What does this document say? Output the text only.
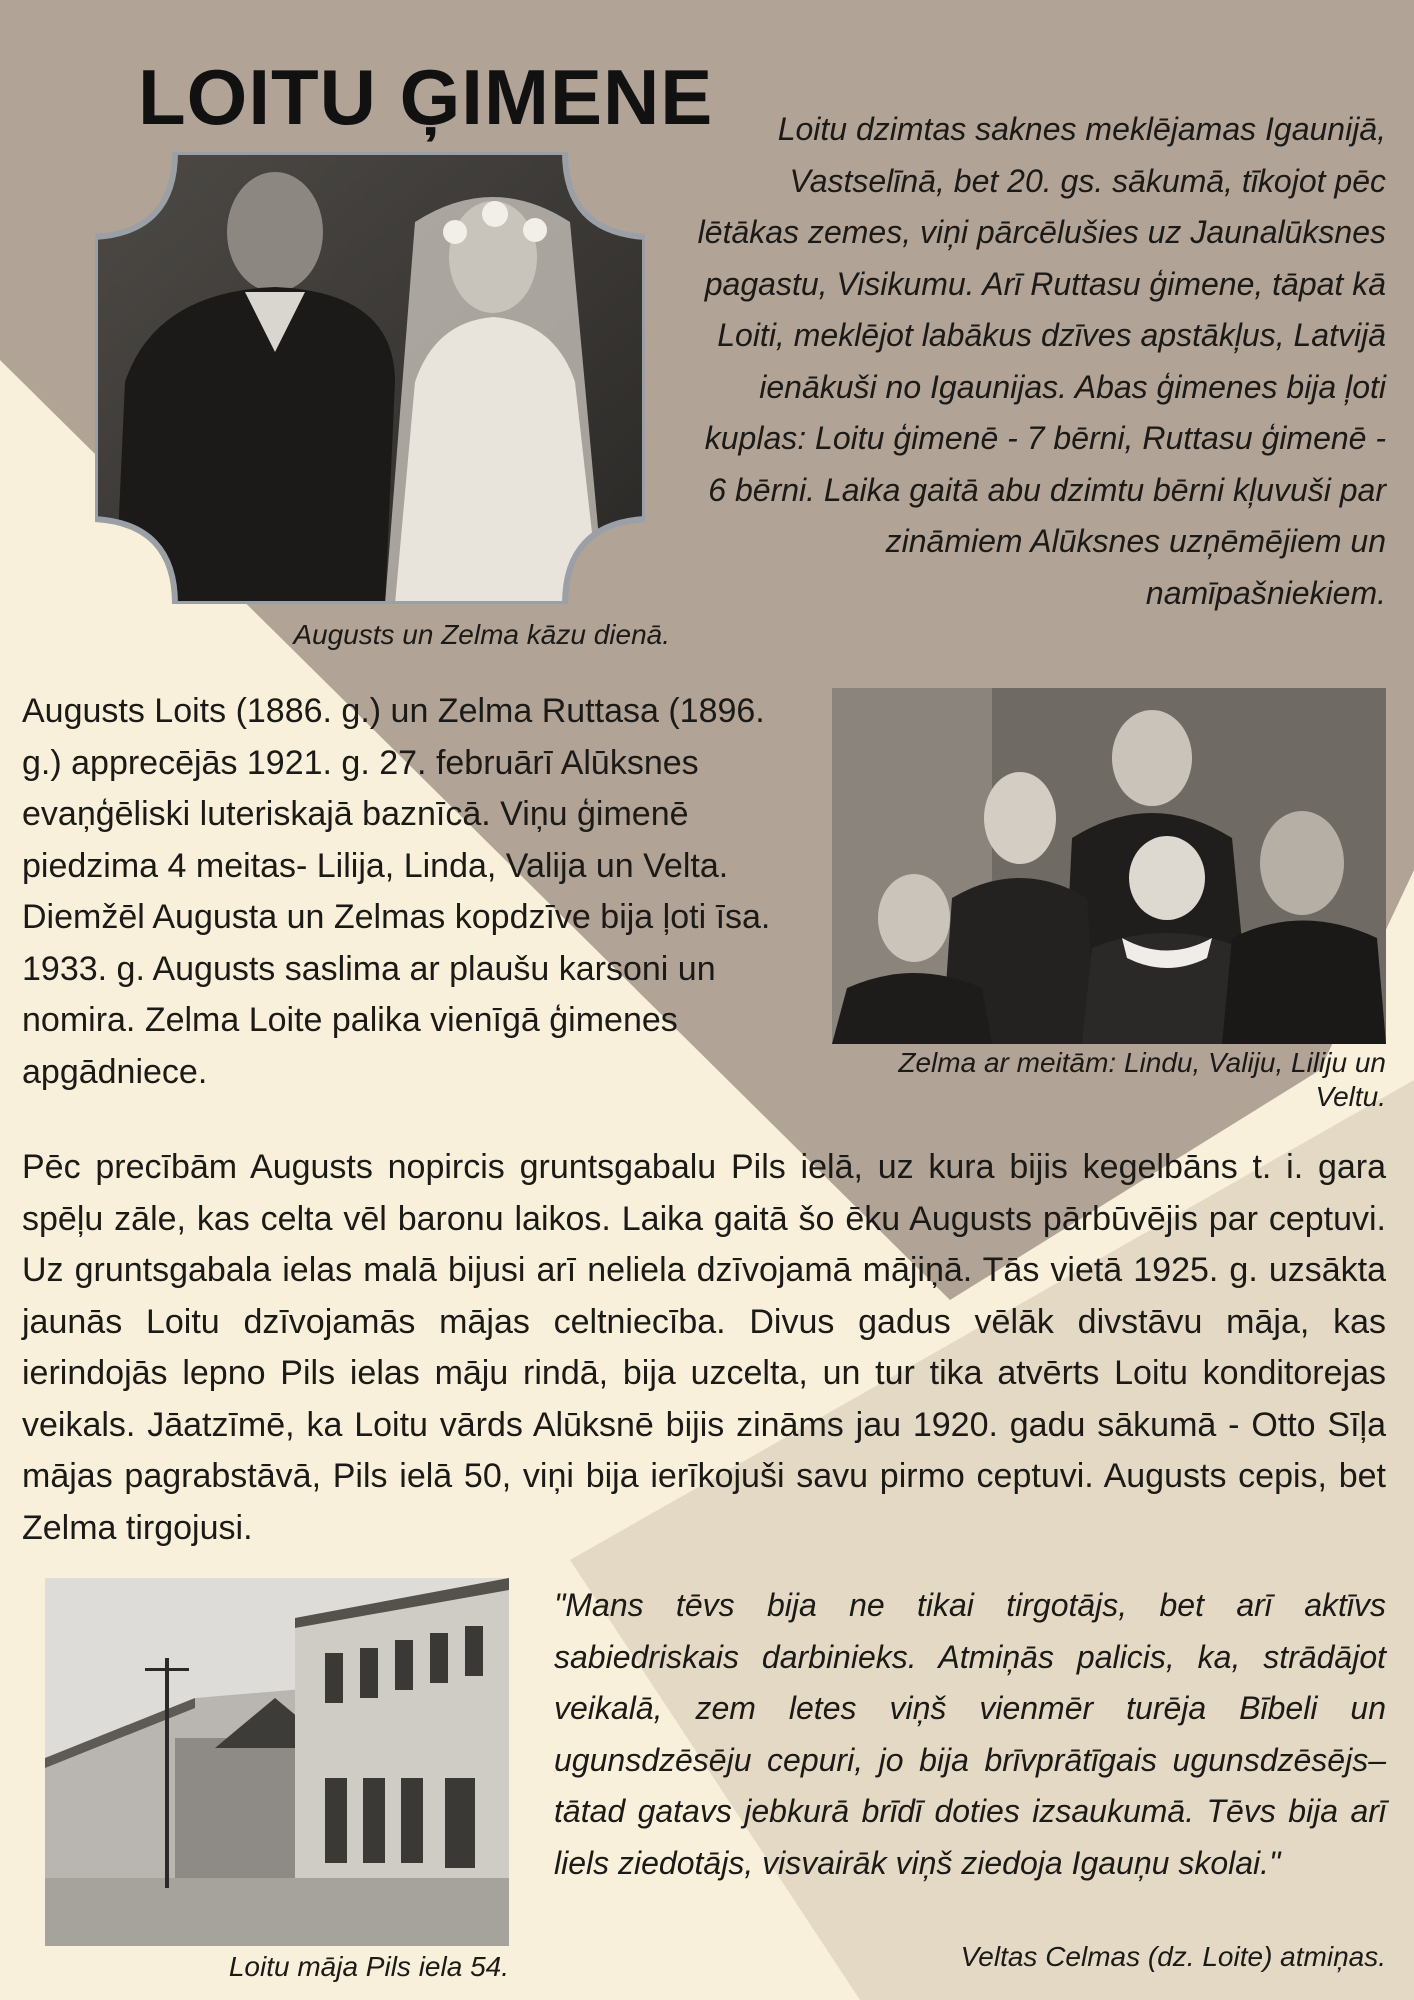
LOITU ĢIMENE	Loitu dzimtas saknes meklējamas Igaunijā, Vastselīnā, bet 20. gs. sākumā, tīkojot pēc lētākas zemes, viņi pārcēlušies uz Jaunalūksnes pagastu, Visikumu. Arī Ruttasu ģimene, tāpat kā Loiti, meklējot labākus dzīves apstākļus, Latvijā ienākuši no Igaunijas. Abas ģimenes bija ļoti kuplas: Loitu ģimenē - 7 bērni, Ruttasu ģimenē - 6 bērni. Laika gaitā abu dzimtu bērni kļuvuši par zināmiem Alūksnes uzņēmējiem un namīpašniekiem.

Augusts un Zelma kāzu dienā.

Augusts Loits (1886. g.) un Zelma Ruttasa (1896. g.) apprecējās 1921. g. 27. februārī Alūksnes evaņģēliski luteriskajā baznīcā. Viņu ģimenē piedzima 4 meitas- Lilija, Linda, Valija un Velta. Diemžēl Augusta un Zelmas kopdzīve bija ļoti īsa. 1933. g. Augusts saslima ar plaušu karsoni un nomira. Zelma Loite palika vienīgā ģimenes apgādniece.	Zelma ar meitām: Lindu, Valiju, Liliju un Veltu.

Pēc precībām Augusts nopircis gruntsgabalu Pils ielā, uz kura bijis kegelbāns t. i. gara spēļu zāle, kas celta vēl baronu laikos. Laika gaitā šo ēku Augusts pārbūvējis par ceptuvi. Uz gruntsgabala ielas malā bijusi arī neliela dzīvojamā mājiņā. Tās vietā 1925. g. uzsākta jaunās Loitu dzīvojamās mājas celtniecība. Divus gadus vēlāk divstāvu māja, kas ierindojās lepno Pils ielas māju rindā, bija uzcelta, un tur tika atvērts Loitu konditorejas veikals. Jāatzīmē, ka Loitu vārds Alūksnē bijis zināms jau 1920. gadu sākumā - Otto Sīļa mājas pagrabstāvā, Pils ielā 50, viņi bija ierīkojuši savu pirmo ceptuvi. Augusts cepis, bet Zelma tirgojusi.

Loitu māja Pils iela 54.

"Mans tēvs bija ne tikai tirgotājs, bet arī aktīvs sabiedriskais darbinieks. Atmiņās palicis, ka, strādājot veikalā, zem letes viņš vienmēr turēja Bībeli un ugunsdzēsēju cepuri, jo bija brīvprātīgais ugunsdzēsējs– tātad gatavs jebkurā brīdī doties izsaukumā. Tēvs bija arī liels ziedotājs, visvairāk viņš ziedoja Igauņu skolai."

Veltas Celmas (dz. Loite) atmiņas.
